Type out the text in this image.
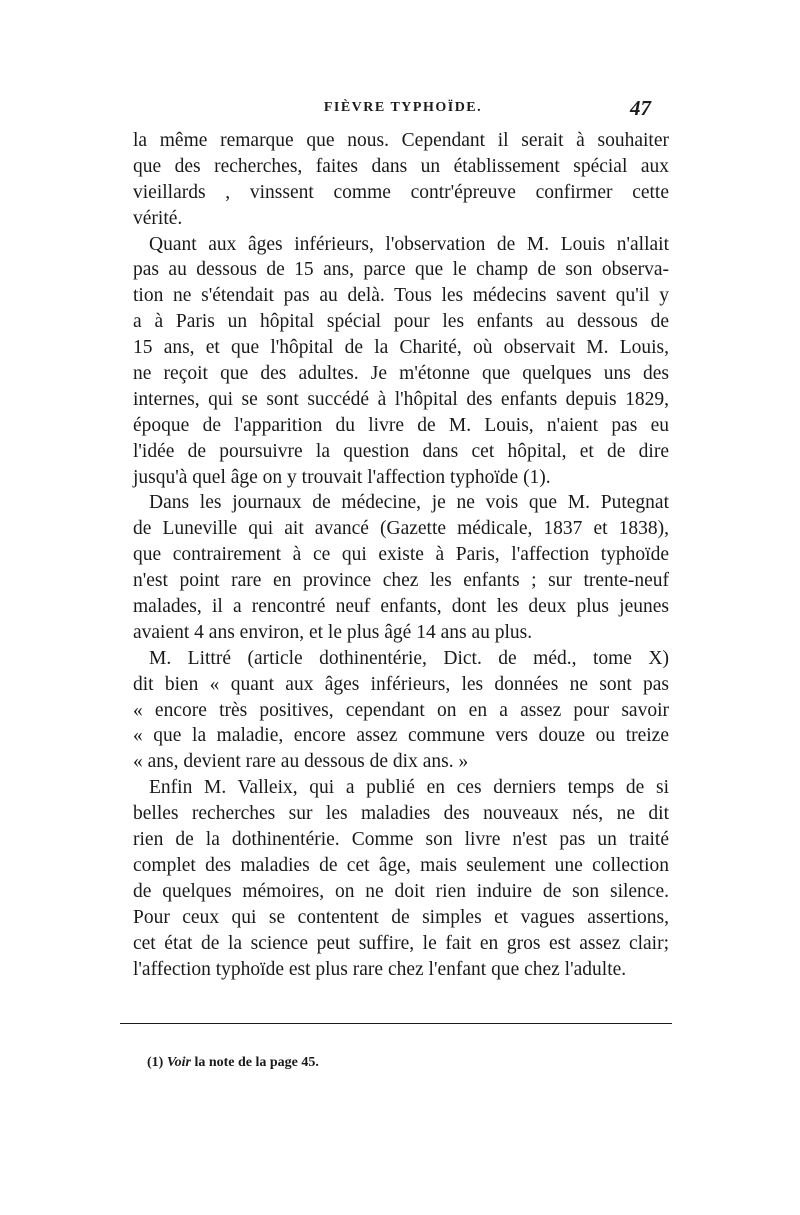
FIÈVRE TYPHOÏDE.	47
la même remarque que nous. Cependant il serait à souhaiter
que des recherches, faites dans un établissement spécial aux
vieillards , vinssent comme contr'épreuve confirmer cette
vérité.
Quant aux âges inférieurs, l'observation de M. Louis n'allait
pas au dessous de 15 ans, parce que le champ de son observa-
tion ne s'étendait pas au delà. Tous les médecins savent qu'il y
a à Paris un hôpital spécial pour les enfants au dessous de
15 ans, et que l'hôpital de la Charité, où observait M. Louis,
ne reçoit que des adultes. Je m'étonne que quelques uns des
internes, qui se sont succédé à l'hôpital des enfants depuis 1829,
époque de l'apparition du livre de M. Louis, n'aient pas eu
l'idée de poursuivre la question dans cet hôpital, et de dire
jusqu'à quel âge on y trouvait l'affection typhoïde (1).
Dans les journaux de médecine, je ne vois que M. Putegnat
de Luneville qui ait avancé (Gazette médicale, 1837 et 1838),
que contrairement à ce qui existe à Paris, l'affection typhoïde
n'est point rare en province chez les enfants ; sur trente-neuf
malades, il a rencontré neuf enfants, dont les deux plus jeunes
avaient 4 ans environ, et le plus âgé 14 ans au plus.
M. Littré (article dothinentérie, Dict. de méd., tome X)
dit bien « quant aux âges inférieurs, les données ne sont pas
« encore très positives, cependant on en a assez pour savoir
« que la maladie, encore assez commune vers douze ou treize
« ans, devient rare au dessous de dix ans. »
Enfin M. Valleix, qui a publié en ces derniers temps de si
belles recherches sur les maladies des nouveaux nés, ne dit
rien de la dothinentérie. Comme son livre n'est pas un traité
complet des maladies de cet âge, mais seulement une collection
de quelques mémoires, on ne doit rien induire de son silence.
Pour ceux qui se contentent de simples et vagues assertions,
cet état de la science peut suffire, le fait en gros est assez clair;
l'affection typhoïde est plus rare chez l'enfant que chez l'adulte.
(1) Voir la note de la page 45.
